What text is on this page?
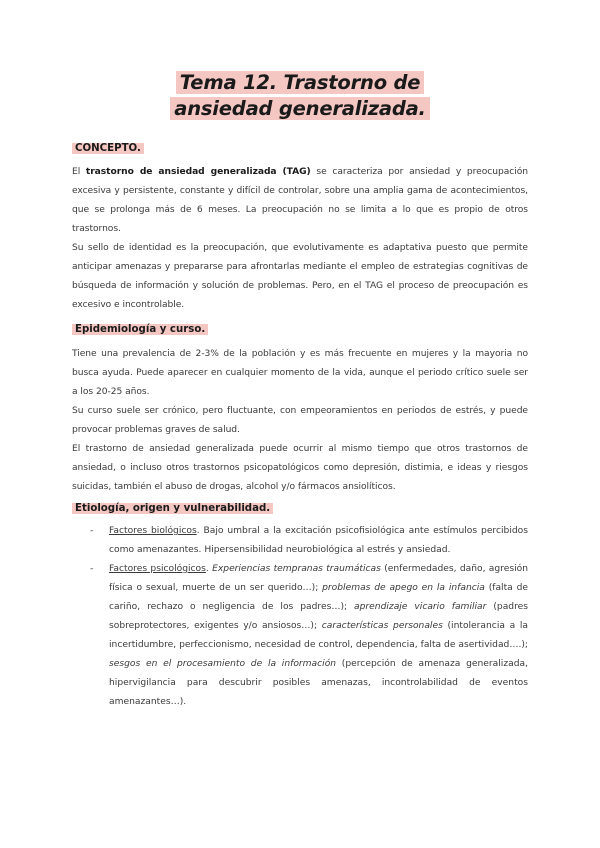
Tema 12. Trastorno de
ansiedad generalizada.
CONCEPTO.

El trastorno de ansiedad generalizada (TAG) se caracteriza por ansiedad y preocupación excesiva y persistente, constante y difícil de controlar, sobre una amplia gama de acontecimientos, que se prolonga más de 6 meses. La preocupación no se limita a lo que es propio de otros trastornos.

Su sello de identidad es la preocupación, que evolutivamente es adaptativa puesto que permite anticipar amenazas y prepararse para afrontarlas mediante el empleo de estrategias cognitivas de búsqueda de información y solución de problemas. Pero, en el TAG el proceso de preocupación es excesivo e incontrolable.

Epidemiología y curso.

Tiene una prevalencia de 2-3% de la población y es más frecuente en mujeres y la mayoria no busca ayuda. Puede aparecer en cualquier momento de la vida, aunque el periodo crítico suele ser a los 20-25 años.

Su curso suele ser crónico, pero fluctuante, con empeoramientos en periodos de estrés, y puede provocar problemas graves de salud.

El trastorno de ansiedad generalizada puede ocurrir al mismo tiempo que otros trastornos de ansiedad, o incluso otros trastornos psicopatológicos como depresión, distimia, e ideas y riesgos suicidas, también el abuso de drogas, alcohol y/o fármacos ansiolíticos.

Etiología, origen y vulnerabilidad.
- Factores biológicos. Bajo umbral a la excitación psicofisiológica ante estímulos percibidos como amenazantes. Hipersensibilidad neurobiológica al estrés y ansiedad.
- Factores psicológicos. Experiencias tempranas traumáticas (enfermedades, daño, agresión física o sexual, muerte de un ser querido…); problemas de apego en la infancia (falta de cariño, rechazo o negligencia de los padres…); aprendizaje vicario familiar (padres sobreprotectores, exigentes y/o ansiosos…); características personales (intolerancia a la incertidumbre, perfeccionismo, necesidad de control, dependencia, falta de asertividad….); sesgos en el procesamiento de la información (percepción de amenaza generalizada, hipervigilancia para descubrir posibles amenazas, incontrolabilidad de eventos amenazantes…).
